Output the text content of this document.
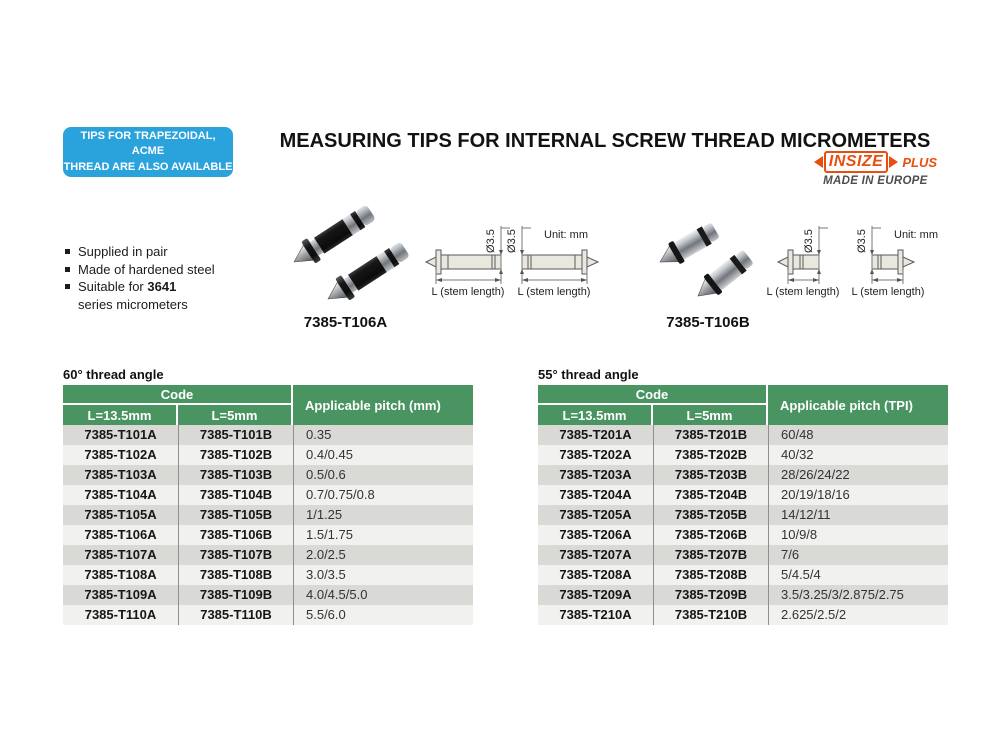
TIPS FOR TRAPEZOIDAL, ACME
THREAD ARE ALSO AVAILABLE
MEASURING TIPS FOR INTERNAL SCREW THREAD MICROMETERS
INSIZE	PLUS
MADE IN EUROPE
Supplied in pair
Made of hardened steel
Suitable for 3641
series micrometers
7385-T106A
Unit: mm
Ø3.5
L (stem length)
Ø3.5
L (stem length)
7385-T106B
Unit: mm
Ø3.5
L (stem length)
Ø3.5
L (stem length)
60° thread angle
Code
L=13.5mm	L=5mm
Applicable pitch (mm)
7385-T101A	7385-T101B	0.35
7385-T102A	7385-T102B	0.4/0.45
7385-T103A	7385-T103B	0.5/0.6
7385-T104A	7385-T104B	0.7/0.75/0.8
7385-T105A	7385-T105B	1/1.25
7385-T106A	7385-T106B	1.5/1.75
7385-T107A	7385-T107B	2.0/2.5
7385-T108A	7385-T108B	3.0/3.5
7385-T109A	7385-T109B	4.0/4.5/5.0
7385-T110A	7385-T110B	5.5/6.0
55° thread angle
Code
L=13.5mm	L=5mm
Applicable pitch (TPI)
7385-T201A	7385-T201B	60/48
7385-T202A	7385-T202B	40/32
7385-T203A	7385-T203B	28/26/24/22
7385-T204A	7385-T204B	20/19/18/16
7385-T205A	7385-T205B	14/12/11
7385-T206A	7385-T206B	10/9/8
7385-T207A	7385-T207B	7/6
7385-T208A	7385-T208B	5/4.5/4
7385-T209A	7385-T209B	3.5/3.25/3/2.875/2.75
7385-T210A	7385-T210B	2.625/2.5/2
